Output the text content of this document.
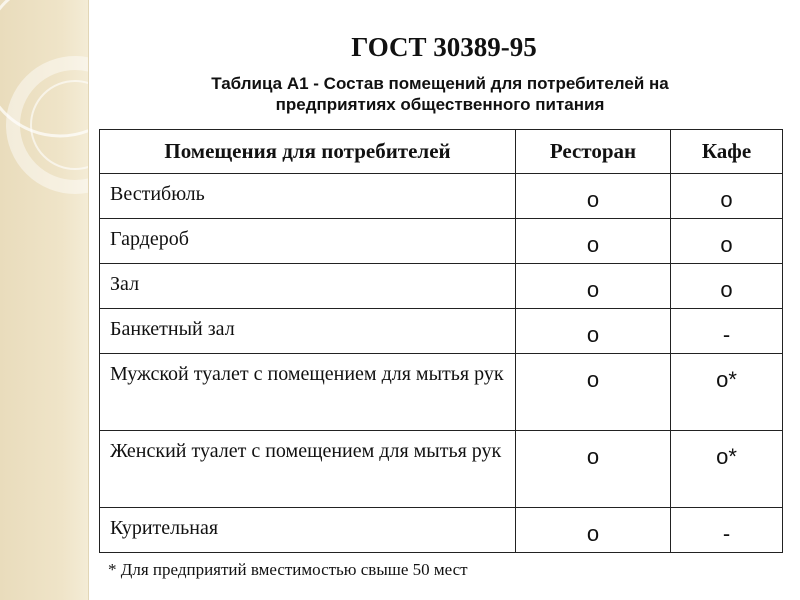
ГОСТ 30389-95
Таблица А1 - Состав помещений для потребителей на
предприятиях общественного питания
Помещения для потребителей	Ресторан	Кафе

Вестибюль	о	о

Гардероб	о	о

Зал	о	о

Банкетный зал	о	-

Мужской туалет с помещением для мытья рук	о	о*

Женский туалет с помещением для мытья рук	о	о*

Курительная	о	-
* Для предприятий вместимостью свыше 50 мест
